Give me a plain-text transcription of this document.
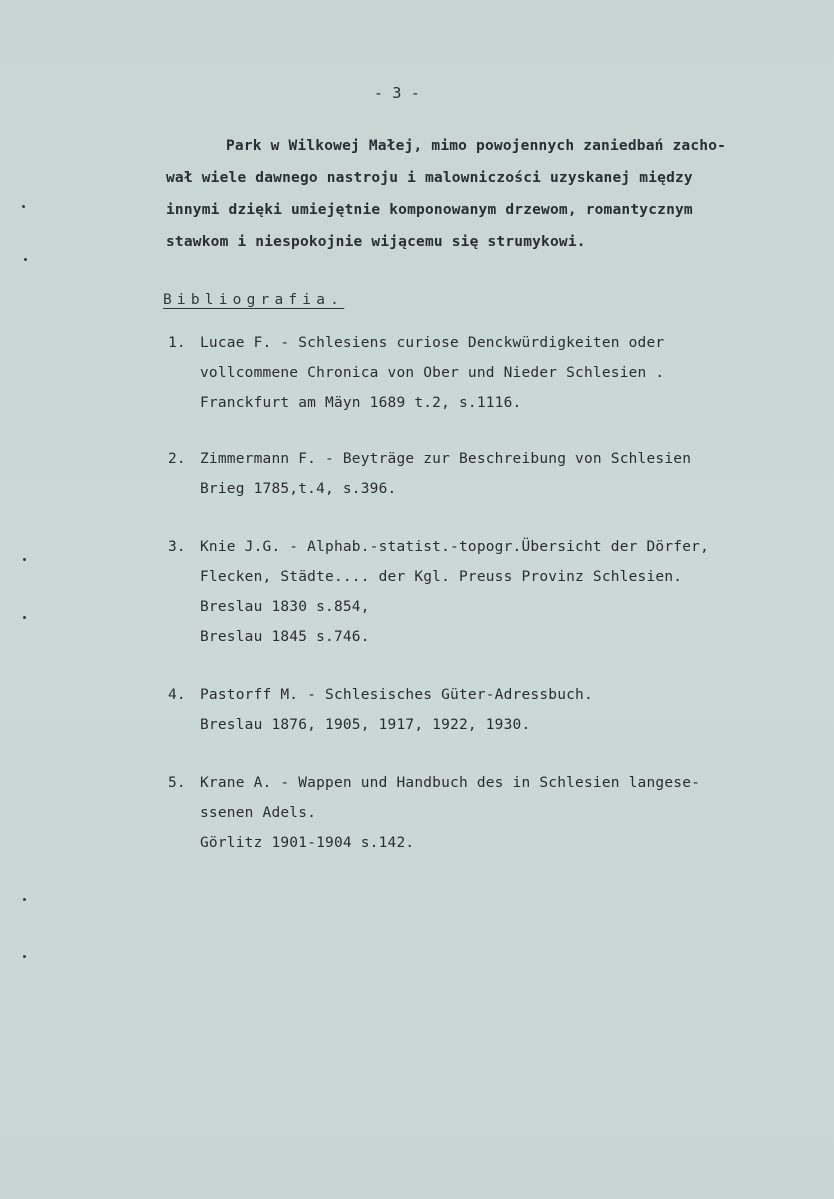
- 3 -
Park w Wilkowej Małej, mimo powojennych zaniedbań zacho-
wał wiele dawnego nastroju i malowniczości uzyskanej między
innymi dzięki umiejętnie komponowanym drzewom, romantycznym
stawkom i niespokojnie wijącemu się strumykowi.
Bibliografia.
1. Lucae F. - Schlesiens curiose Denckwürdigkeiten oder
vollcommene Chronica von Ober und Nieder Schlesien .
Franckfurt am Mäyn 1689 t.2, s.1116.
2. Zimmermann F. - Beyträge zur Beschreibung von Schlesien
Brieg 1785,t.4, s.396.
3. Knie J.G. - Alphab.-statist.-topogr.Übersicht der Dörfer,
Flecken, Städte.... der Kgl. Preuss Provinz Schlesien.
Breslau 1830 s.854,
Breslau 1845 s.746.
4. Pastorff M. - Schlesisches Güter-Adressbuch.
Breslau 1876, 1905, 1917, 1922, 1930.
5. Krane A. - Wappen und Handbuch des in Schlesien langese-
ssenen Adels.
Görlitz 1901-1904 s.142.
